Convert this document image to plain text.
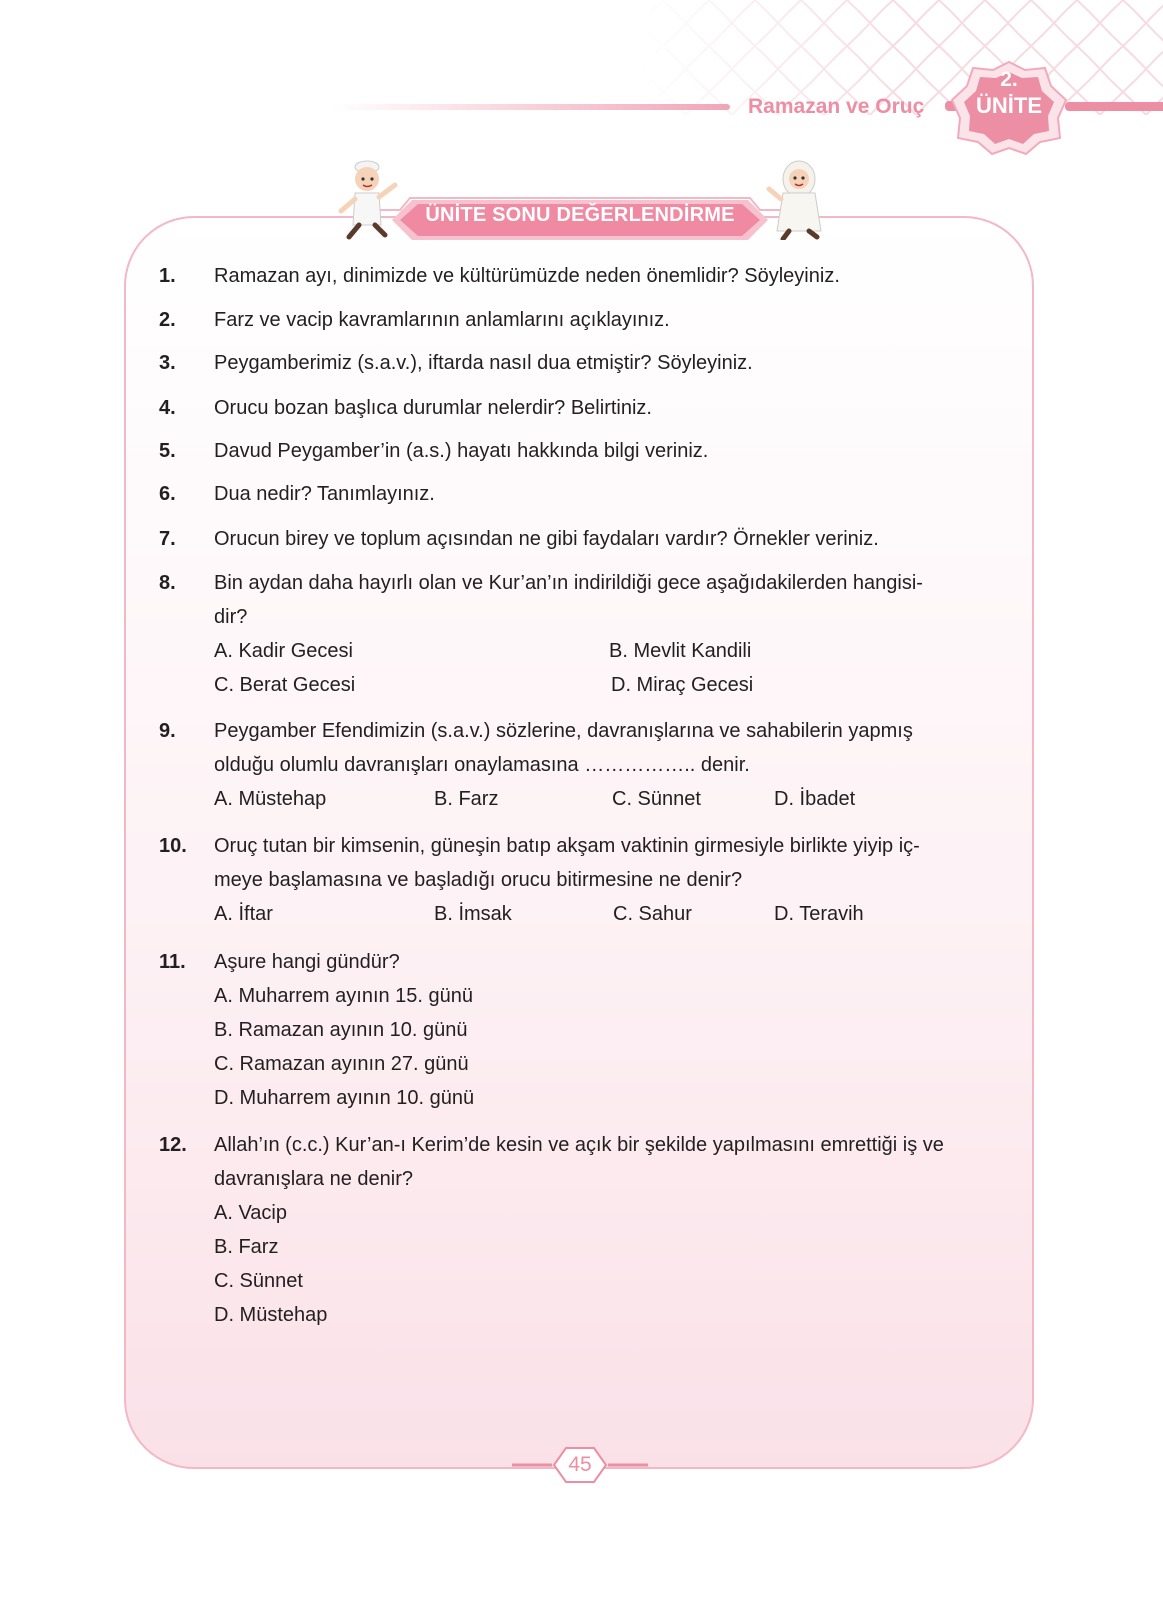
Ramazan ve Oruç
2.
ÜNİTE
ÜNİTE SONU DEĞERLENDİRME
1. Ramazan ayı, dinimizde ve kültürümüzde neden önemlidir? Söyleyiniz.
2. Farz ve vacip kavramlarının anlamlarını açıklayınız.
3. Peygamberimiz (s.a.v.), iftarda nasıl dua etmiştir? Söyleyiniz.
4. Orucu bozan başlıca durumlar nelerdir? Belirtiniz.
5. Davud Peygamber’in (a.s.) hayatı hakkında bilgi veriniz.
6. Dua nedir? Tanımlayınız.
7. Orucun birey ve toplum açısından ne gibi faydaları vardır? Örnekler veriniz.
8. Bin aydan daha hayırlı olan ve Kur’an’ın indirildiği gece aşağıdakilerden hangisi-
dir?
A. Kadir Gecesi	B. Mevlit Kandili
C. Berat Gecesi	D. Miraç Gecesi
9. Peygamber Efendimizin (s.a.v.) sözlerine, davranışlarına ve sahabilerin yapmış
olduğu olumlu davranışları onaylamasına …………….. denir.
A. Müstehap	B. Farz	C. Sünnet	D. İbadet
10. Oruç tutan bir kimsenin, güneşin batıp akşam vaktinin girmesiyle birlikte yiyip iç-
meye başlamasına ve başladığı orucu bitirmesine ne denir?
A. İftar	B. İmsak	C. Sahur	D. Teravih
11. Aşure hangi gündür?
A. Muharrem ayının 15. günü
B. Ramazan ayının 10. günü
C. Ramazan ayının 27. günü
D. Muharrem ayının 10. günü
12. Allah’ın (c.c.) Kur’an-ı Kerim’de kesin ve açık bir şekilde yapılmasını emrettiği iş ve
davranışlara ne denir?
A. Vacip
B. Farz
C. Sünnet
D. Müstehap
45
